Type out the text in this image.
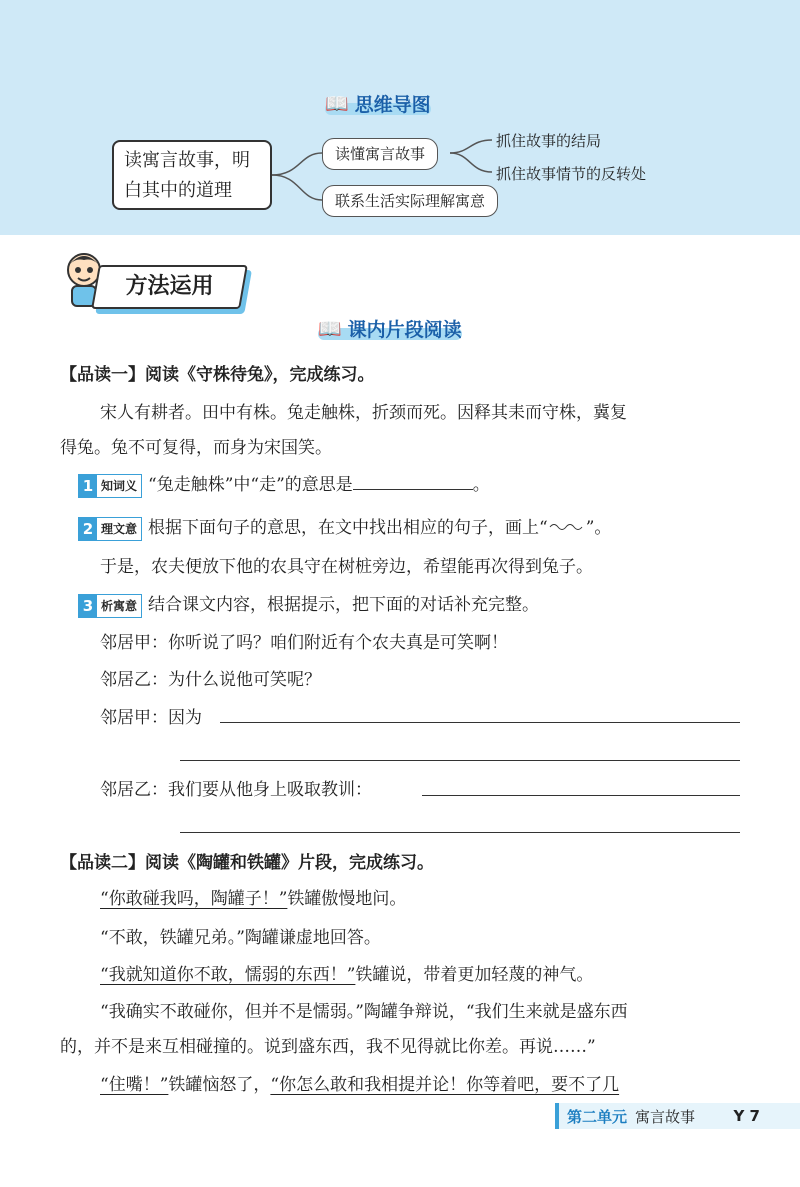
📖 思维导图
读寓言故事，明
白其中的道理
读懂寓言故事
联系生活实际理解寓意
抓住故事的结局
抓住故事情节的反转处
方法运用
📖 课内片段阅读
【品读一】阅读《守株待兔》，完成练习。
宋人有耕者。田中有株。兔走触株，折颈而死。因释其耒而守株，冀复
得兔。兔不可复得，而身为宋国笑。
1 知词义 “兔走触株”中“走”的意思是	。
2 理文意 根据下面句子的意思，在文中找出相应的句子，画上“ ”。
于是，农夫便放下他的农具守在树桩旁边，希望能再次得到兔子。
3 析寓意 结合课文内容，根据提示，把下面的对话补充完整。
邻居甲：你听说了吗？咱们附近有个农夫真是可笑啊！
邻居乙：为什么说他可笑呢？
邻居甲：因为
邻居乙：我们要从他身上吸取教训：
【品读二】阅读《陶罐和铁罐》片段，完成练习。
“你敢碰我吗，陶罐子！”铁罐傲慢地问。
“不敢，铁罐兄弟。”陶罐谦虚地回答。
“我就知道你不敢，懦弱的东西！”铁罐说，带着更加轻蔑的神气。
“我确实不敢碰你，但并不是懦弱。”陶罐争辩说，“我们生来就是盛东西
的，并不是来互相碰撞的。说到盛东西，我不见得就比你差。再说……”
“住嘴！”铁罐恼怒了，“你怎么敢和我相提并论！你等着吧，要不了几
第二单元 寓言故事	Y 7
